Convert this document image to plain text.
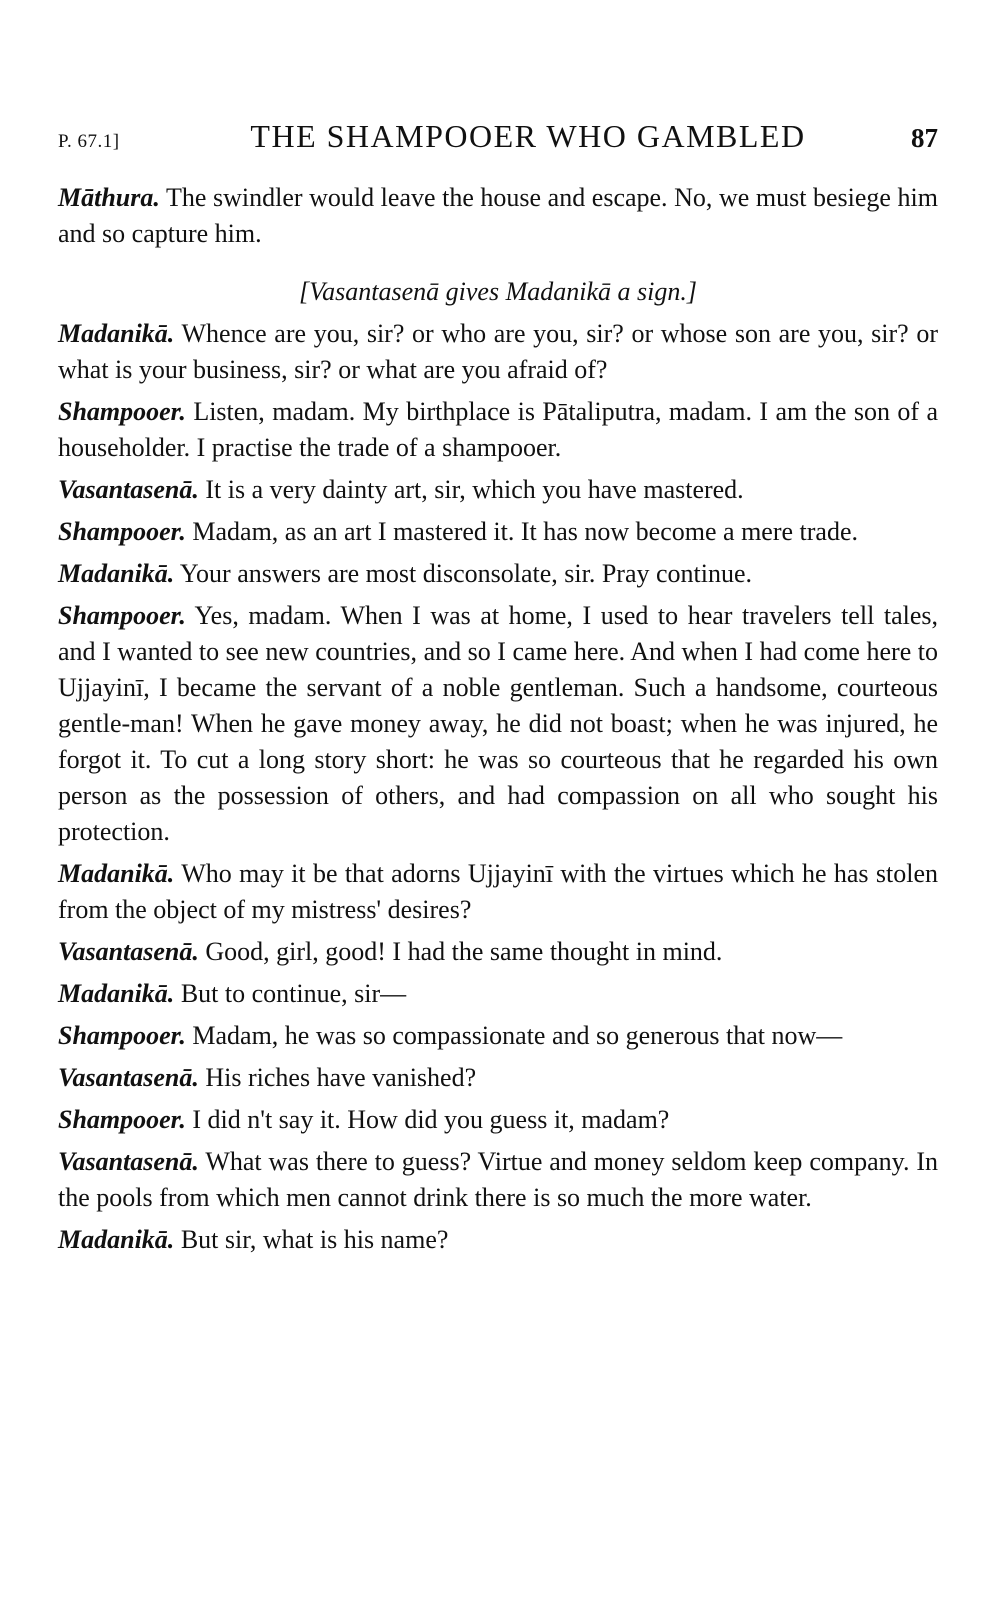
P. 67.1]	THE SHAMPOOER WHO GAMBLED	87

Māthura. The swindler would leave the house and escape. No, we must besiege him and so capture him.

[Vasantasenā gives Madanikā a sign.]

Madanikā. Whence are you, sir? or who are you, sir? or whose son are you, sir? or what is your business, sir? or what are you afraid of?

Shampooer. Listen, madam. My birthplace is Pātaliputra, madam. I am the son of a householder. I practise the trade of a shampooer.

Vasantasenā. It is a very dainty art, sir, which you have mastered.

Shampooer. Madam, as an art I mastered it. It has now become a mere trade.

Madanikā. Your answers are most disconsolate, sir. Pray continue.

Shampooer. Yes, madam. When I was at home, I used to hear travelers tell tales, and I wanted to see new countries, and so I came here. And when I had come here to Ujjayinī, I became the servant of a noble gentleman. Such a handsome, courteous gentle-man! When he gave money away, he did not boast; when he was injured, he forgot it. To cut a long story short: he was so courteous that he regarded his own person as the possession of others, and had compassion on all who sought his protection.

Madanikā. Who may it be that adorns Ujjayinī with the virtues which he has stolen from the object of my mistress' desires?

Vasantasenā. Good, girl, good! I had the same thought in mind.

Madanikā. But to continue, sir—

Shampooer. Madam, he was so compassionate and so generous that now—

Vasantasenā. His riches have vanished?

Shampooer. I did n't say it. How did you guess it, madam?

Vasantasenā. What was there to guess? Virtue and money seldom keep company. In the pools from which men cannot drink there is so much the more water.

Madanikā. But sir, what is his name?
